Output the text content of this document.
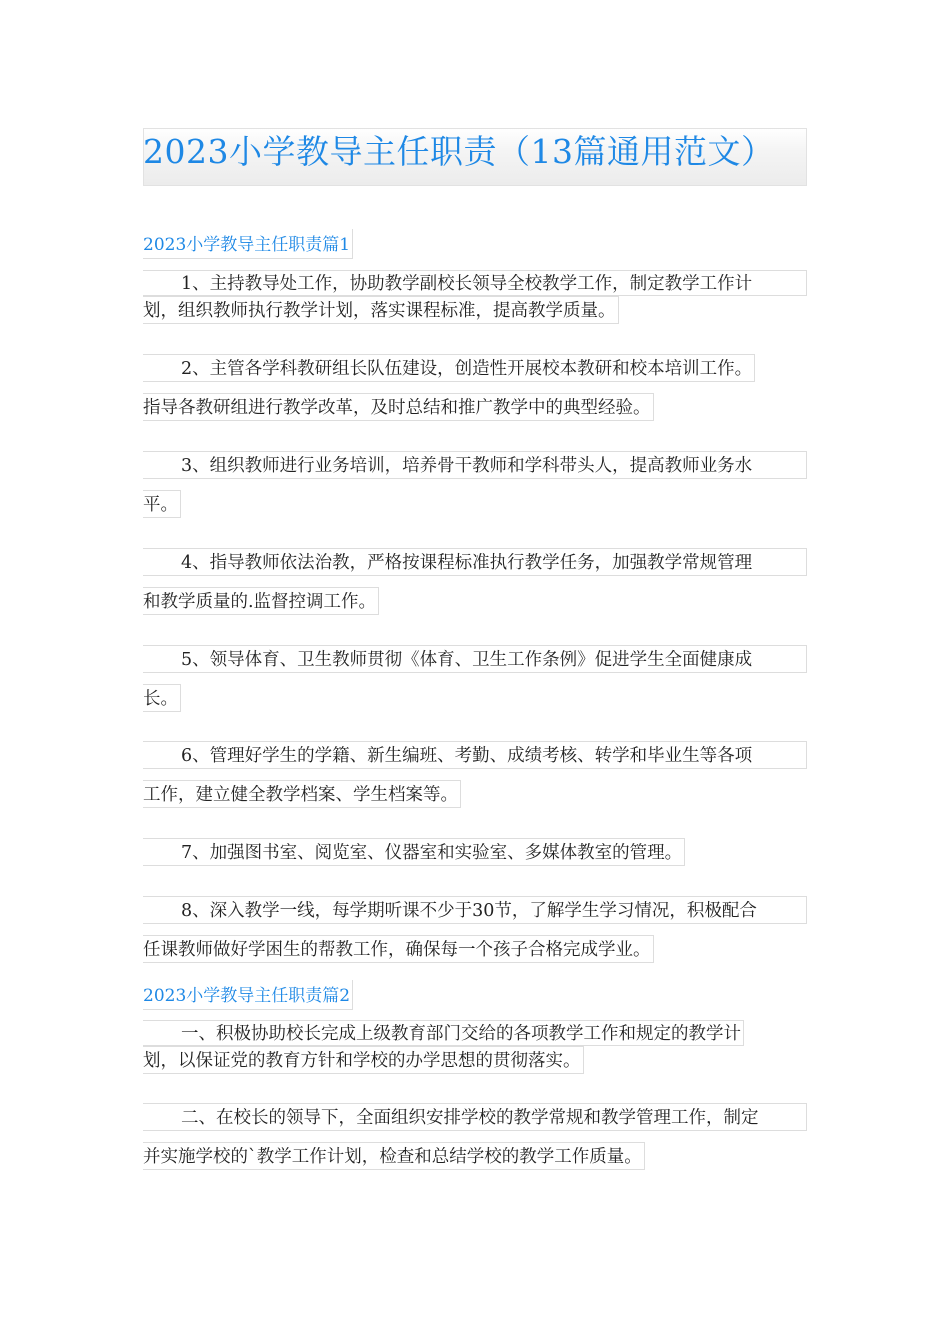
2023小学教导主任职责（13篇通用范文）
2023小学教导主任职责篇1

1、主持教导处工作，协助教学副校长领导全校教学工作，制定教学工作计
划，组织教师执行教学计划，落实课程标准，提高教学质量。

2、主管各学科教研组长队伍建设，创造性开展校本教研和校本培训工作。
指导各教研组进行教学改革，及时总结和推广教学中的典型经验。

3、组织教师进行业务培训，培养骨干教师和学科带头人，提高教师业务水
平。

4、指导教师依法治教，严格按课程标准执行教学任务，加强教学常规管理
和教学质量的.监督控调工作。

5、领导体育、卫生教师贯彻《体育、卫生工作条例》促进学生全面健康成
长。

6、管理好学生的学籍、新生编班、考勤、成绩考核、转学和毕业生等各项
工作，建立健全教学档案、学生档案等。

7、加强图书室、阅览室、仪器室和实验室、多媒体教室的管理。

8、深入教学一线，每学期听课不少于30节，了解学生学习情况，积极配合
任课教师做好学困生的帮教工作，确保每一个孩子合格完成学业。

2023小学教导主任职责篇2

一、积极协助校长完成上级教育部门交给的各项教学工作和规定的教学计
划，以保证党的教育方针和学校的办学思想的贯彻落实。

二、在校长的领导下，全面组织安排学校的教学常规和教学管理工作，制定
并实施学校的`教学工作计划，检查和总结学校的教学工作质量。
